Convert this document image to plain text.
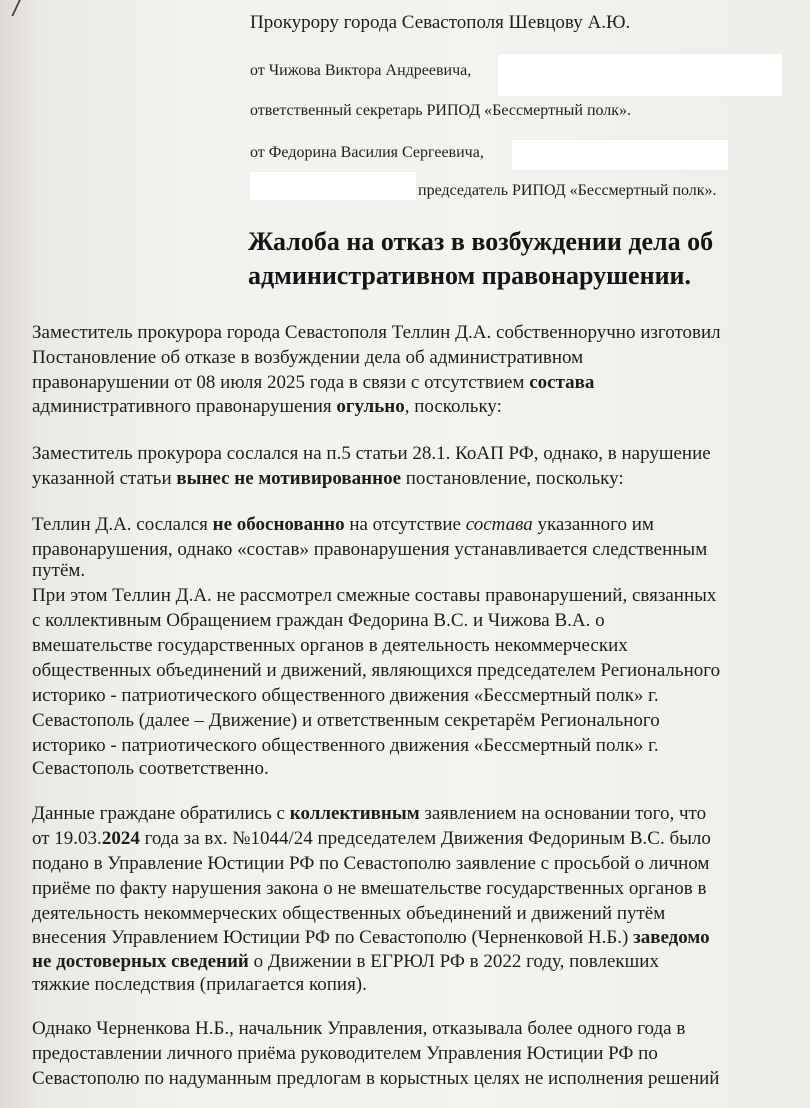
Прокурору города Севастополя Шевцову А.Ю.
от Чижова Виктора Андреевича,
ответственный секретарь РИПОД «Бессмертный полк».
от Федорина Василия Сергеевича,
председатель РИПОД «Бессмертный полк».
Жалоба на отказ в возбуждении дела об
административном правонарушении.
Заместитель прокурора города Севастополя Теллин Д.А. собственноручно изготовил
Постановление об отказе в возбуждении дела об административном
правонарушении от 08 июля 2025 года в связи с отсутствием состава
административного правонарушения огульно, поскольку:
Заместитель прокурора сослался на п.5 статьи 28.1. КоАП РФ, однако, в нарушение
указанной статьи вынес не мотивированное постановление, поскольку:
Теллин Д.А. сослался не обоснованно на отсутствие состава указанного им
правонарушения, однако «состав» правонарушения устанавливается следственным
путём.
При этом Теллин Д.А. не рассмотрел смежные составы правонарушений, связанных
с коллективным Обращением граждан Федорина В.С. и Чижова В.А. о
вмешательстве государственных органов в деятельность некоммерческих
общественных объединений и движений, являющихся председателем Регионального
историко - патриотического общественного движения «Бессмертный полк» г.
Севастополь (далее – Движение) и ответственным секретарём Регионального
историко - патриотического общественного движения «Бессмертный полк» г.
Севастополь соответственно.
Данные граждане обратились с коллективным заявлением на основании того, что
от 19.03.2024 года за вх. №1044/24 председателем Движения Федориным В.С. было
подано в Управление Юстиции РФ по Севастополю заявление с просьбой о личном
приёме по факту нарушения закона о не вмешательстве государственных органов в
деятельность некоммерческих общественных объединений и движений путём
внесения Управлением Юстиции РФ по Севастополю (Черненковой Н.Б.) заведомо
не достоверных сведений о Движении в ЕГРЮЛ РФ в 2022 году, повлекших
тяжкие последствия (прилагается копия).
Однако Черненкова Н.Б., начальник Управления, отказывала более одного года в
предоставлении личного приёма руководителем Управления Юстиции РФ по
Севастополю по надуманным предлогам в корыстных целях не исполнения решений
